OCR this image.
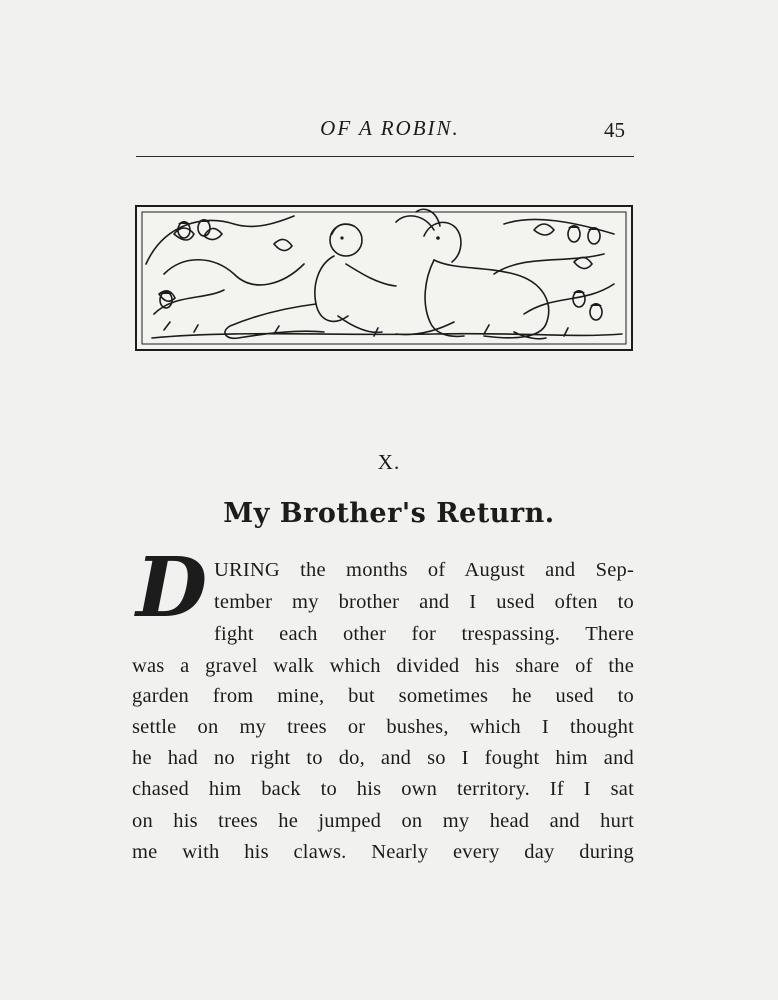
OF A ROBIN.	45
X.
My Brother's Return.
D URING the months of August and Sep-
tember my brother and I used often to
fight each other for trespassing. There
was a gravel walk which divided his share of the
garden from mine, but sometimes he used to
settle on my trees or bushes, which I thought
he had no right to do, and so I fought him and
chased him back to his own territory. If I sat
on his trees he jumped on my head and hurt
me with his claws. Nearly every day during
